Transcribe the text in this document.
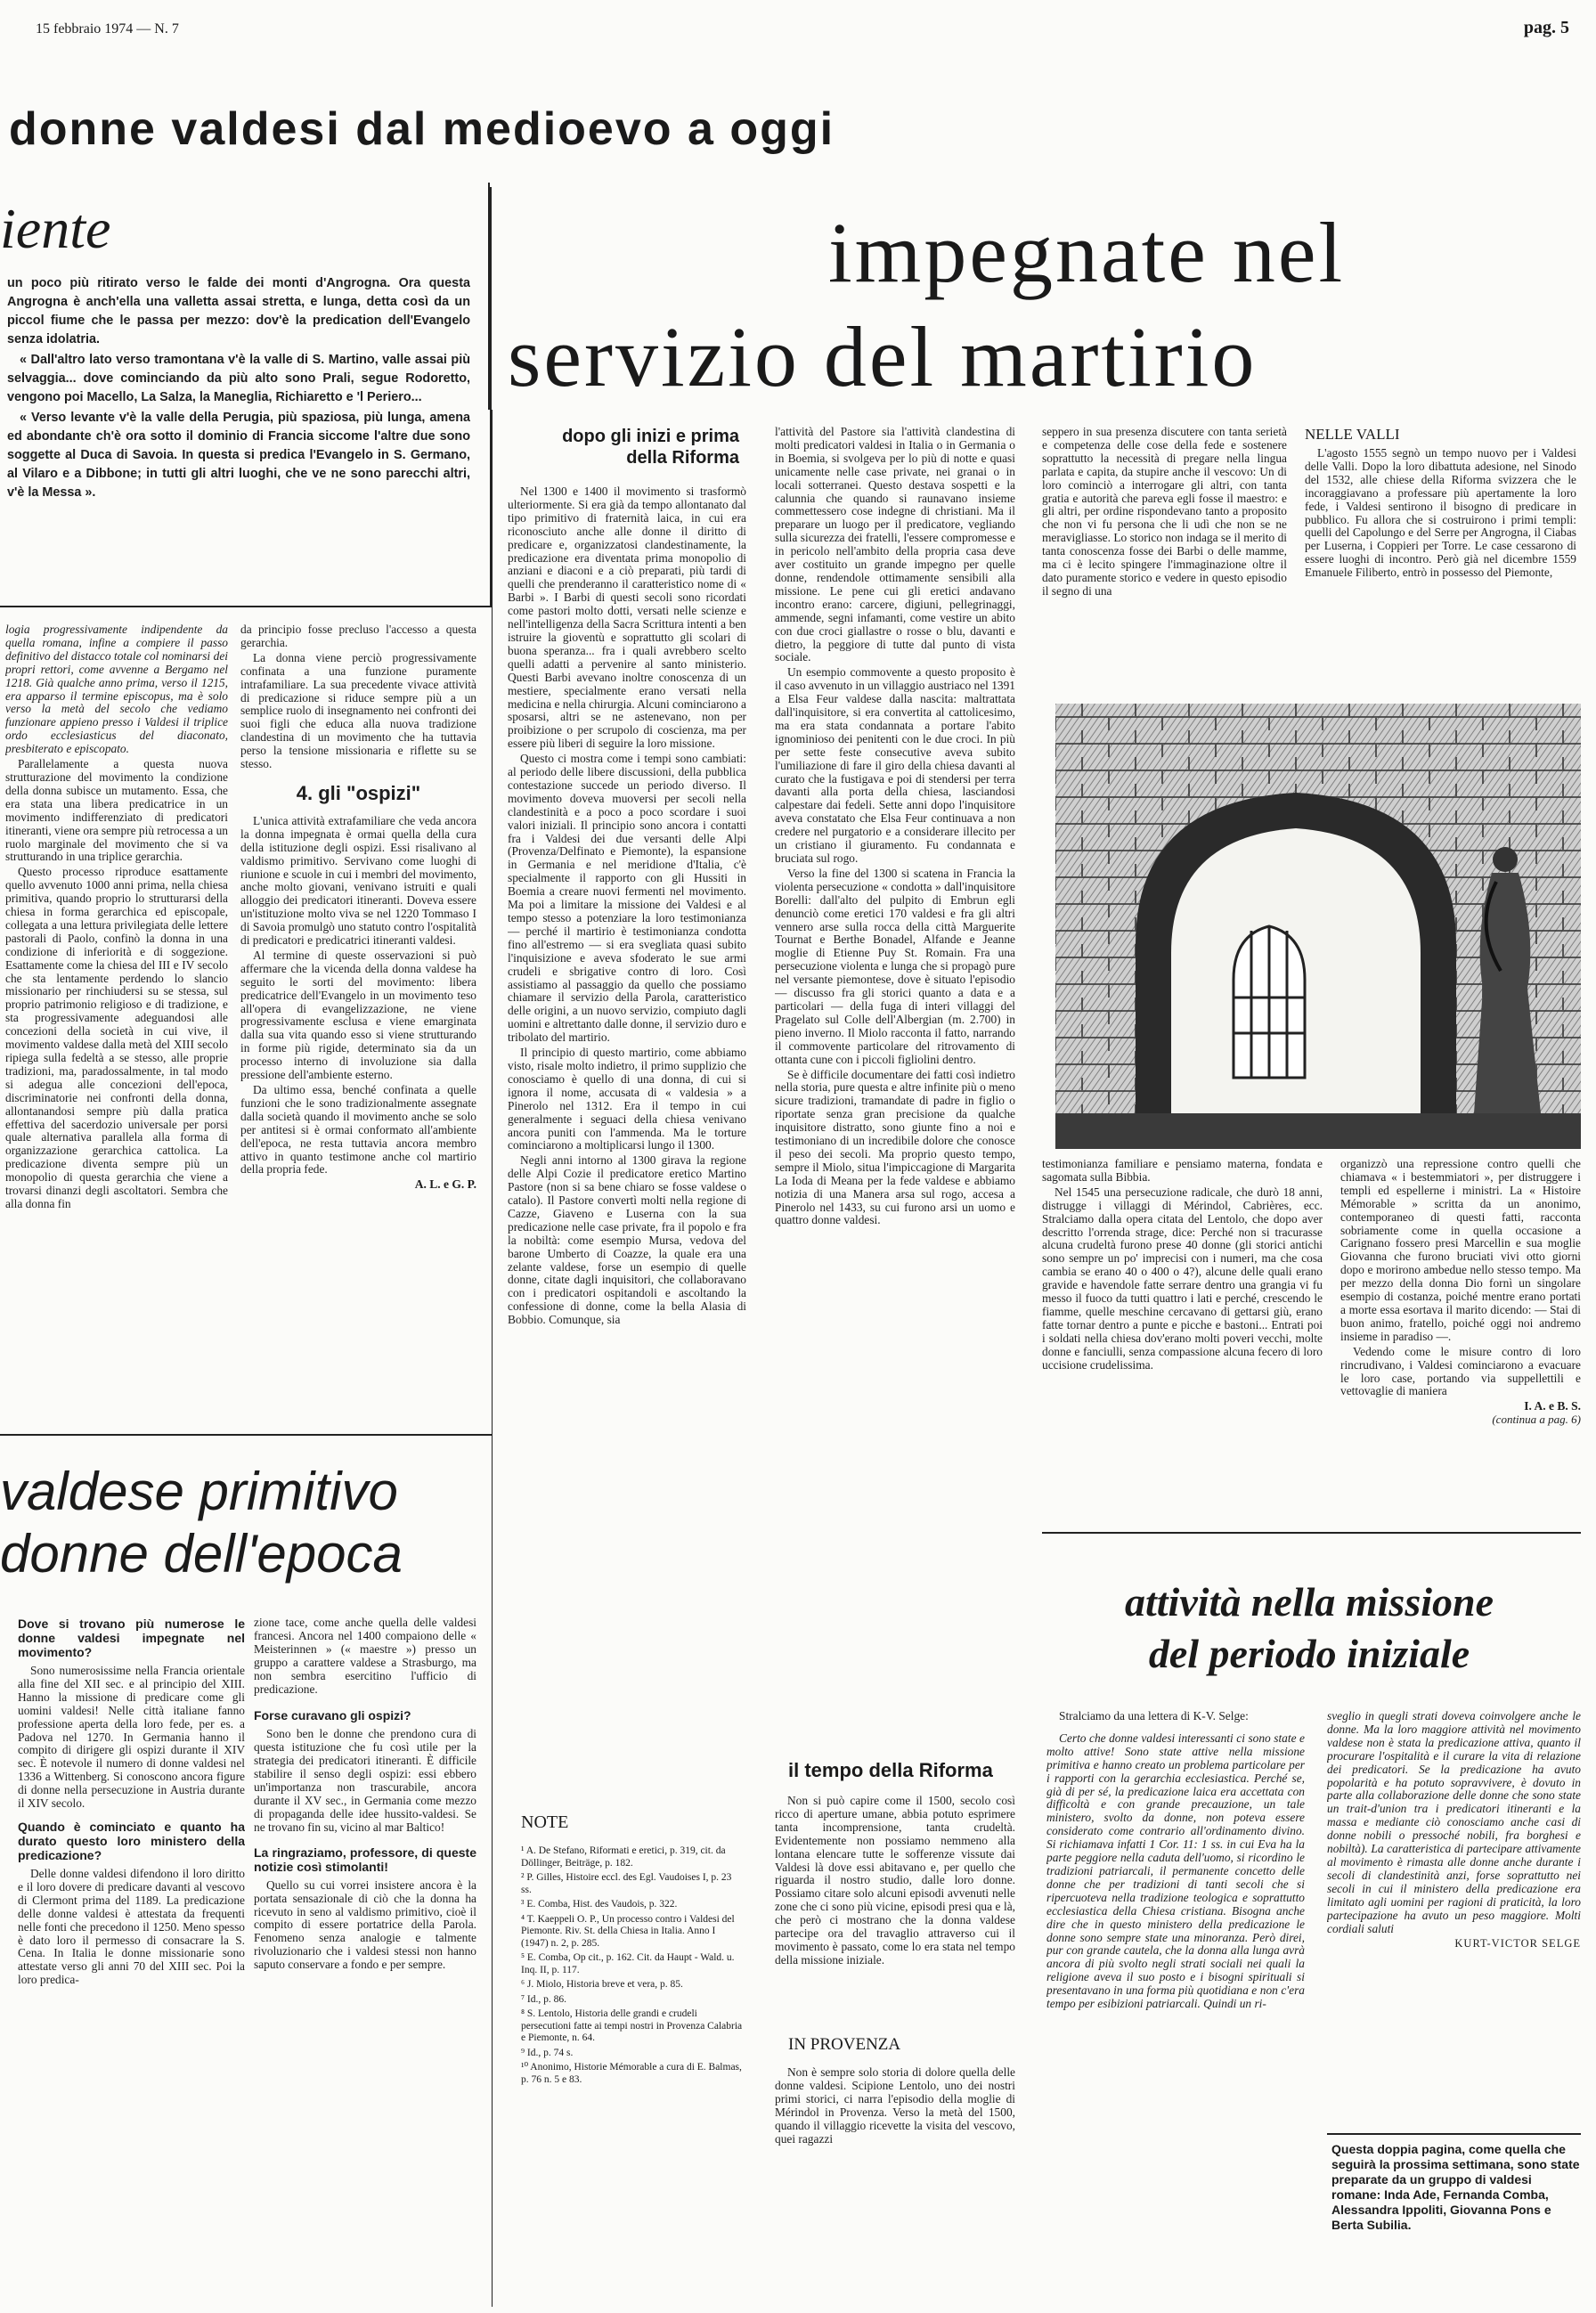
15 febbraio 1974 — N. 7	pag. 5
donne valdesi dal medioevo a oggi
iente

un poco più ritirato verso le falde dei monti d'Angrogna. Ora questa Angrogna è anch'ella una valletta assai stretta, e lunga, detta così da un piccol fiume che le passa per mezzo: dov'è la predication dell'Evangelo senza idolatria.

« Dall'altro lato verso tramontana v'è la valle di S. Martino, valle assai più selvaggia... dove cominciando da più alto sono Prali, segue Rodoretto, vengono poi Macello, La Salza, la Maneglia, Richiaretto e 'l Periero...

« Verso levante v'è la valle della Perugia, più spaziosa, più lunga, amena ed abondante ch'è ora sotto il dominio di Francia siccome l'altre due sono soggette al Duca di Savoia. In questa si predica l'Evangelo in S. Germano, al Vilaro e a Dibbone; in tutti gli altri luoghi, che ve ne sono parecchi altri, v'è la Messa ».

impegnate nel
servizio del martirio

logia progressivamente indipendente da quella romana, infine a compiere il passo definitivo del distacco totale col nominarsi dei propri rettori, come avvenne a Bergamo nel 1218. Già qualche anno prima, verso il 1215, era apparso il termine episcopus, ma è solo verso la metà del secolo che vediamo funzionare appieno presso i Valdesi il triplice ordo ecclesiasticus del diaconato, presbiterato e episcopato.

Parallelamente a questa nuova strutturazione del movimento la condizione della donna subisce un mutamento. Essa, che era stata una libera predicatrice in un movimento indifferenziato di predicatori itineranti, viene ora sempre più retrocessa a un ruolo marginale del movimento che si va strutturando in una triplice gerarchia.

Questo processo riproduce esattamente quello avvenuto 1000 anni prima, nella chiesa primitiva, quando proprio lo strutturarsi della chiesa in forma gerarchica ed episcopale, collegata a una lettura privilegiata delle lettere pastorali di Paolo, confinò la donna in una condizione di inferiorità e di soggezione. Esattamente come la chiesa del III e IV secolo che sta lentamente perdendo lo slancio missionario per rinchiudersi su se stessa, sul proprio patrimonio religioso e di tradizione, e sta progressivamente adeguandosi alle concezioni della società in cui vive, il movimento valdese dalla metà del XIII secolo ripiega sulla fedeltà a se stesso, alle proprie tradizioni, ma, paradossalmente, in tal modo si adegua alle concezioni dell'epoca, discriminatorie nei confronti della donna, allontanandosi sempre più dalla pratica effettiva del sacerdozio universale per porsi quale alternativa parallela alla forma di organizzazione gerarchica cattolica. La predicazione diventa sempre più un monopolio di questa gerarchia che viene a trovarsi dinanzi degli ascoltatori. Sembra che alla donna fin

da principio fosse precluso l'accesso a questa gerarchia.

La donna viene perciò progressivamente confinata a una funzione puramente intrafamiliare. La sua precedente vivace attività di predicazione si riduce sempre più a un semplice ruolo di insegnamento nei confronti dei suoi figli che educa alla nuova tradizione clandestina di un movimento che ha tuttavia perso la tensione missionaria e riflette su se stesso.

4. gli "ospizi"

L'unica attività extrafamiliare che veda ancora la donna impegnata è ormai quella della cura della istituzione degli ospizi. Essi risalivano al valdismo primitivo. Servivano come luoghi di riunione e scuole in cui i membri del movimento, anche molto giovani, venivano istruiti e quali alloggio dei predicatori itineranti. Doveva essere un'istituzione molto viva se nel 1220 Tommaso I di Savoia promulgò uno statuto contro l'ospitalità di predicatori e predicatrici itineranti valdesi.

Al termine di queste osservazioni si può affermare che la vicenda della donna valdese ha seguito le sorti del movimento: libera predicatrice dell'Evangelo in un movimento teso all'opera di evangelizzazione, ne viene progressivamente esclusa e viene emarginata dalla sua vita quando esso si viene strutturando in forme più rigide, determinato sia da un processo interno di involuzione sia dalla pressione dell'ambiente esterno.

Da ultimo essa, benché confinata a quelle funzioni che le sono tradizionalmente assegnate dalla società quando il movimento anche se solo per antitesi si è ormai conformato all'ambiente dell'epoca, ne resta tuttavia ancora membro attivo in quanto testimone anche col martirio della propria fede.

A. L. e G. P.
valdese primitivo
donne dell'epoca
Dove si trovano più numerose le donne valdesi impegnate nel movimento?

Sono numerosissime nella Francia orientale alla fine del XII sec. e al principio del XIII. Hanno la missione di predicare come gli uomini valdesi! Nelle città italiane fanno professione aperta della loro fede, per es. a Padova nel 1270. In Germania hanno il compito di dirigere gli ospizi durante il XIV sec. È notevole il numero di donne valdesi nel 1336 a Wittenberg. Si conoscono ancora figure di donne nella persecuzione in Austria durante il XIV secolo.

Quando è cominciato e quanto ha durato questo loro ministero della predicazione?

Delle donne valdesi difendono il loro diritto e il loro dovere di predicare davanti al vescovo di Clermont prima del 1189. La predicazione delle donne valdesi è attestata da frequenti nelle fonti che precedono il 1250. Meno spesso è dato loro il permesso di consacrare la S. Cena. In Italia le donne missionarie sono attestate verso gli anni 70 del XIII sec. Poi la loro predica-

zione tace, come anche quella delle valdesi francesi. Ancora nel 1400 compaiono delle « Meisterinnen » (« maestre ») presso un gruppo a carattere valdese a Strasburgo, ma non sembra esercitino l'ufficio di predicazione.

Forse curavano gli ospizi?

Sono ben le donne che prendono cura di questa istituzione che fu così utile per la strategia dei predicatori itineranti. È difficile stabilire il senso degli ospizi: essi ebbero un'importanza non trascurabile, ancora durante il XV sec., in Germania come mezzo di propaganda delle idee hussito-valdesi. Se ne trovano fin su, vicino al mar Baltico!

La ringraziamo, professore, di queste notizie così stimolanti!

Quello su cui vorrei insistere ancora è la portata sensazionale di ciò che la donna ha ricevuto in seno al valdismo primitivo, cioè il compito di essere portatrice della Parola. Fenomeno senza analogie e talmente rivoluzionario che i valdesi stessi non hanno saputo conservare a fondo e per sempre.

dopo gli inizi e prima della Riforma

Nel 1300 e 1400 il movimento si trasformò ulteriormente. Si era già da tempo allontanato dal tipo primitivo di fraternità laica, in cui era riconosciuto anche alle donne il diritto di predicare e, organizzatosi clandestinamente, la predicazione era diventata prima monopolio di anziani e diaconi e a ciò preparati, più tardi di quelli che prenderanno il caratteristico nome di « Barbi ». I Barbi di questi secoli sono ricordati come pastori molto dotti, versati nelle scienze e nell'intelligenza della Sacra Scrittura intenti a ben istruire la gioventù e soprattutto gli scolari di buona speranza... fra i quali avrebbero scelto quelli adatti a pervenire al santo ministerio. Questi Barbi avevano inoltre conoscenza di un mestiere, specialmente erano versati nella medicina e nella chirurgia. Alcuni cominciarono a sposarsi, altri se ne astenevano, non per proibizione o per scrupolo di coscienza, ma per essere più liberi di seguire la loro missione.

Questo ci mostra come i tempi sono cambiati: al periodo delle libere discussioni, della pubblica contestazione succede un periodo diverso. Il movimento doveva muoversi per secoli nella clandestinità e a poco a poco scordare i suoi valori iniziali. Il principio sono ancora i contatti fra i Valdesi dei due versanti delle Alpi (Provenza/Delfinato e Piemonte), la espansione in Germania e nel meridione d'Italia, c'è specialmente il rapporto con gli Hussiti in Boemia a creare nuovi fermenti nel movimento. Ma poi a limitare la missione dei Valdesi e al tempo stesso a potenziare la loro testimonianza — perché il martirio è testimonianza condotta fino all'estremo — si era svegliata quasi subito l'inquisizione e aveva sfoderato le sue armi crudeli e sbrigative contro di loro. Così assistiamo al passaggio da quello che possiamo chiamare il servizio della Parola, caratteristico delle origini, a un nuovo servizio, compiuto dagli uomini e altrettanto dalle donne, il servizio duro e tribolato del martirio.

Il principio di questo martirio, come abbiamo visto, risale molto indietro, il primo supplizio che conosciamo è quello di una donna, di cui si ignora il nome, accusata di « valdesia » a Pinerolo nel 1312. Era il tempo in cui generalmente i seguaci della chiesa venivano ancora puniti con l'ammenda. Ma le torture cominciarono a moltiplicarsi lungo il 1300.

Negli anni intorno al 1300 girava la regione delle Alpi Cozie il predicatore eretico Martino Pastore (non si sa bene chiaro se fosse valdese o catalo). Il Pastore convertì molti nella regione di Cazze, Giaveno e Luserna con la sua predicazione nelle case private, fra il popolo e fra la nobiltà: come esempio Mursa, vedova del barone Umberto di Coazze, la quale era una zelante valdese, forse un esempio di quelle donne, citate dagli inquisitori, che collaboravano con i predicatori ospitandoli e ascoltando la confessione di donne, come la bella Alasia di Bobbio. Comunque, sia

NOTE
¹ A. De Stefano, Riformati e eretici, p. 319, cit. da Döllinger, Beiträge, p. 182.
² P. Gilles, Histoire eccl. des Egl. Vaudoises I, p. 23 ss.
³ E. Comba, Hist. des Vaudois, p. 322.
⁴ T. Kaeppeli O. P., Un processo contro i Valdesi del Piemonte. Riv. St. della Chiesa in Italia. Anno I (1947) n. 2, p. 285.
⁵ E. Comba, Op cit., p. 162. Cit. da Haupt - Wald. u. Inq. II, p. 117.
⁶ J. Miolo, Historia breve et vera, p. 85.
⁷ Id., p. 86.
⁸ S. Lentolo, Historia delle grandi e crudeli persecutioni fatte ai tempi nostri in Provenza Calabria e Piemonte, n. 64.
⁹ Id., p. 74 s.
¹⁰ Anonimo, Historie Mémorable a cura di E. Balmas, p. 76 n. 5 e 83.

l'attività del Pastore sia l'attività clandestina di molti predicatori valdesi in Italia o in Germania o in Boemia, si svolgeva per lo più di notte e quasi unicamente nelle case private, nei granai o in locali sotterranei. Questo destava sospetti e la calunnia che quando si raunavano insieme commettessero cose indegne di christiani. Ma il preparare un luogo per il predicatore, vegliando sulla sicurezza dei fratelli, l'essere compromesse e in pericolo nell'ambito della propria casa deve aver costituito un grande impegno per quelle donne, rendendole ottimamente sensibili alla missione. Le pene cui gli eretici andavano incontro erano: carcere, digiuni, pellegrinaggi, ammende, segni infamanti, come vestire un abito con due croci giallastre o rosse o blu, davanti e dietro, la peggiore di tutte dal punto di vista sociale.

Un esempio commovente a questo proposito è il caso avvenuto in un villaggio austriaco nel 1391 a Elsa Feur valdese dalla nascita: maltrattata dall'inquisitore, si era convertita al cattolicesimo, ma era stata condannata a portare l'abito ignominioso dei penitenti con le due croci. In più per sette feste consecutive aveva subito l'umiliazione di fare il giro della chiesa davanti al curato che la fustigava e poi di stendersi per terra davanti alla porta della chiesa, lasciandosi calpestare dai fedeli. Sette anni dopo l'inquisitore aveva constatato che Elsa Feur continuava a non credere nel purgatorio e a considerare illecito per un cristiano il giuramento. Fu condannata e bruciata sul rogo.

Verso la fine del 1300 si scatena in Francia la violenta persecuzione « condotta » dall'inquisitore Borelli: dall'alto del pulpito di Embrun egli denunciò come eretici 170 valdesi e fra gli altri vennero arse sulla rocca della città Marguerite Tournat e Berthe Bonadel, Alfande e Jeanne moglie di Etienne Puy St. Romain. Fra una persecuzione violenta e lunga che si propagò pure nel versante piemontese, dove è situato l'episodio — discusso fra gli storici quanto a data e a particolari — della fuga di interi villaggi del Pragelato sul Colle dell'Albergian (m. 2.700) in pieno inverno. Il Miolo racconta il fatto, narrando il commovente particolare del ritrovamento di ottanta cune con i piccoli figliolini dentro.

Se è difficile documentare dei fatti così indietro nella storia, pure questa e altre infinite più o meno sicure tradizioni, tramandate di padre in figlio o riportate senza gran precisione da qualche inquisitore distratto, sono giunte fino a noi e testimoniano di un incredibile dolore che conosce il peso dei secoli. Ma proprio questo tempo, sempre il Miolo, situa l'impiccagione di Margarita La Ioda di Meana per la fede valdese e abbiamo notizia di una Manera arsa sul rogo, accesa a Pinerolo nel 1433, su cui furono arsi un uomo e quattro donne valdesi.

il tempo della Riforma

Non si può capire come il 1500, secolo così ricco di aperture umane, abbia potuto esprimere tanta incomprensione, tanta crudeltà. Evidentemente non possiamo nemmeno alla lontana elencare tutte le sofferenze vissute dai Valdesi là dove essi abitavano e, per quello che riguarda il nostro studio, dalle loro donne. Possiamo citare solo alcuni episodi avvenuti nelle zone che ci sono più vicine, episodi presi qua e là, che però ci mostrano che la donna valdese partecipe ora del travaglio attraverso cui il movimento è passato, come lo era stata nel tempo della missione iniziale.

IN PROVENZA

Non è sempre solo storia di dolore quella delle donne valdesi. Scipione Lentolo, uno dei nostri primi storici, ci narra l'episodio della moglie di Mérindol in Provenza. Verso la metà del 1500, quando il villaggio ricevette la visita del vescovo, quei ragazzi

seppero in sua presenza discutere con tanta serietà e competenza delle cose della fede e sostenere soprattutto la necessità di pregare nella lingua parlata e capita, da stupire anche il vescovo: Un di loro cominciò a interrogare gli altri, con tanta gratia e autorità che pareva egli fosse il maestro: e gli altri, per ordine rispondevano tanto a proposito che non vi fu persona che li udì che non se ne meravigliasse. Lo storico non indaga se il merito di tanta conoscenza fosse dei Barbi o delle mamme, ma ci è lecito spingere l'immaginazione oltre il dato puramente storico e vedere in questo episodio il segno di una

testimonianza familiare e pensiamo materna, fondata e sagomata sulla Bibbia.

Nel 1545 una persecuzione radicale, che durò 18 anni, distrugge i villaggi di Mérindol, Cabrières, ecc. Stralciamo dalla opera citata del Lentolo, che dopo aver descritto l'orrenda strage, dice: Perché non si tracurasse alcuna crudeltà furono prese 40 donne (gli storici antichi sono sempre un po' imprecisi con i numeri, ma che cosa cambia se erano 40 o 400 o 4?), alcune delle quali erano gravide e havendole fatte serrare dentro una grangia vi fu messo il fuoco da tutti quattro i lati e perché, crescendo le fiamme, quelle meschine cercavano di gettarsi giù, erano fatte tornar dentro a punte e picche e bastoni... Entrati poi i soldati nella chiesa dov'erano molti poveri vecchi, molte donne e fanciulli, senza compassione alcuna fecero di loro uccisione crudelissima.

NELLE VALLI

L'agosto 1555 segnò un tempo nuovo per i Valdesi delle Valli. Dopo la loro dibattuta adesione, nel Sinodo del 1532, alle chiese della Riforma svizzera che le incoraggiavano a professare più apertamente la loro fede, i Valdesi sentirono il bisogno di predicare in pubblico. Fu allora che si costruirono i primi templi: quelli del Capolungo e del Serre per Angrogna, il Ciabas per Luserna, i Coppieri per Torre. Le case cessarono di essere luoghi di incontro. Però già nel dicembre 1559 Emanuele Filiberto, entrò in possesso del Piemonte,

organizzò una repressione contro quelli che chiamava « i bestemmiatori », per distruggere i templi ed espellerne i ministri. La « Histoire Mémorable » scritta da un anonimo, contemporaneo di questi fatti, racconta sobriamente come in quella occasione a Carignano fossero presi Marcellin e sua moglie Giovanna che furono bruciati vivi otto giorni dopo e morirono ambedue nello stesso tempo. Ma per mezzo della donna Dio fornì un singolare esempio di costanza, poiché mentre erano portati a morte essa esortava il marito dicendo: — Stai di buon animo, fratello, poiché oggi noi andremo insieme in paradiso —.

Vedendo come le misure contro di loro rincrudivano, i Valdesi cominciarono a evacuare le loro case, portando via suppellettili e vettovaglie di maniera

I. A. e B. S.
(continua a pag. 6)
attività nella missione
del periodo iniziale

Stralciamo da una lettera di K-V. Selge:

Certo che donne valdesi interessanti ci sono state e molto attive! Sono state attive nella missione primitiva e hanno creato un problema particolare per i rapporti con la gerarchia ecclesiastica. Perché se, già di per sé, la predicazione laica era accettata con difficoltà e con grande precauzione, un tale ministero, svolto da donne, non poteva essere considerato come contrario all'ordinamento divino. Si richiamava infatti 1 Cor. 11: 1 ss. in cui Eva ha la parte peggiore nella caduta dell'uomo, si ricordino le tradizioni patriarcali, il permanente concetto delle donne che per tradizioni di tanti secoli che si ripercuoteva nella tradizione teologica e soprattutto ecclesiastica della Chiesa cristiana. Bisogna anche dire che in questo ministero della predicazione le donne sono sempre state una minoranza. Però direi, pur con grande cautela, che la donna alla lunga avrà ancora di più svolto negli strati sociali nei quali la religione aveva il suo posto e i bisogni spirituali si presentavano in una forma più quotidiana e non c'era tempo per esibizioni patriarcali. Quindi un ri-

sveglio in quegli strati doveva coinvolgere anche le donne. Ma la loro maggiore attività nel movimento valdese non è stata la predicazione attiva, quanto il procurare l'ospitalità e il curare la vita di relazione dei predicatori. Se la predicazione ha avuto popolarità e ha potuto sopravvivere, è dovuto in parte alla collaborazione delle donne che sono state un trait-d'union tra i predicatori itineranti e la massa e mediante ciò conosciamo anche casi di donne nobili o pressoché nobili, fra borghesi e nobiltà). La caratteristica di partecipare attivamente al movimento è rimasta alle donne anche durante i secoli di clandestinità anzi, forse soprattutto nei secoli in cui il ministero della predicazione era limitato agli uomini per ragioni di praticità, la loro partecipazione ha avuto un peso maggiore. Molti cordiali saluti

KURT-VICTOR SELGE
Questa doppia pagina, come quella che seguirà la prossima settimana, sono state preparate da un gruppo di valdesi romane: Inda Ade, Fernanda Comba, Alessandra Ippoliti, Giovanna Pons e Berta Subilia.
